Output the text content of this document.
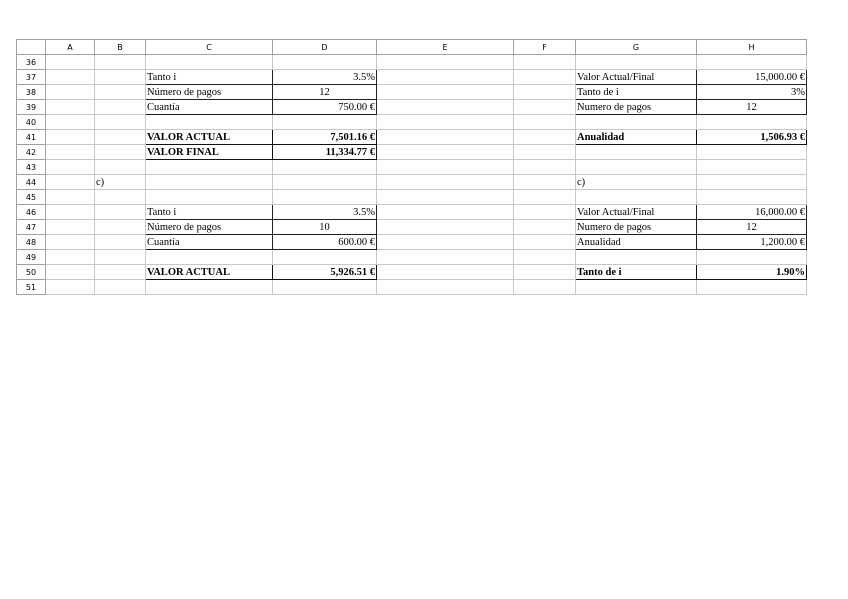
	A	B	C	D	E	F	G	H
36								
37			Tanto i	3.5%			Valor Actual/Final	15,000.00 €
38			Número de pagos	12			Tanto de i	3%
39			Cuantía	750.00 €			Numero de pagos	12
40								
41			VALOR ACTUAL	7,501.16 €			Anualidad	1,506.93 €
42			VALOR FINAL	11,334.77 €				
43								
44		c)					c)	
45								
46			Tanto i	3.5%			Valor Actual/Final	16,000.00 €
47			Número de pagos	10			Numero de pagos	12
48			Cuantía	600.00 €			Anualidad	1,200.00 €
49								
50			VALOR ACTUAL	5,926.51 €			Tanto de i	1.90%
51								
